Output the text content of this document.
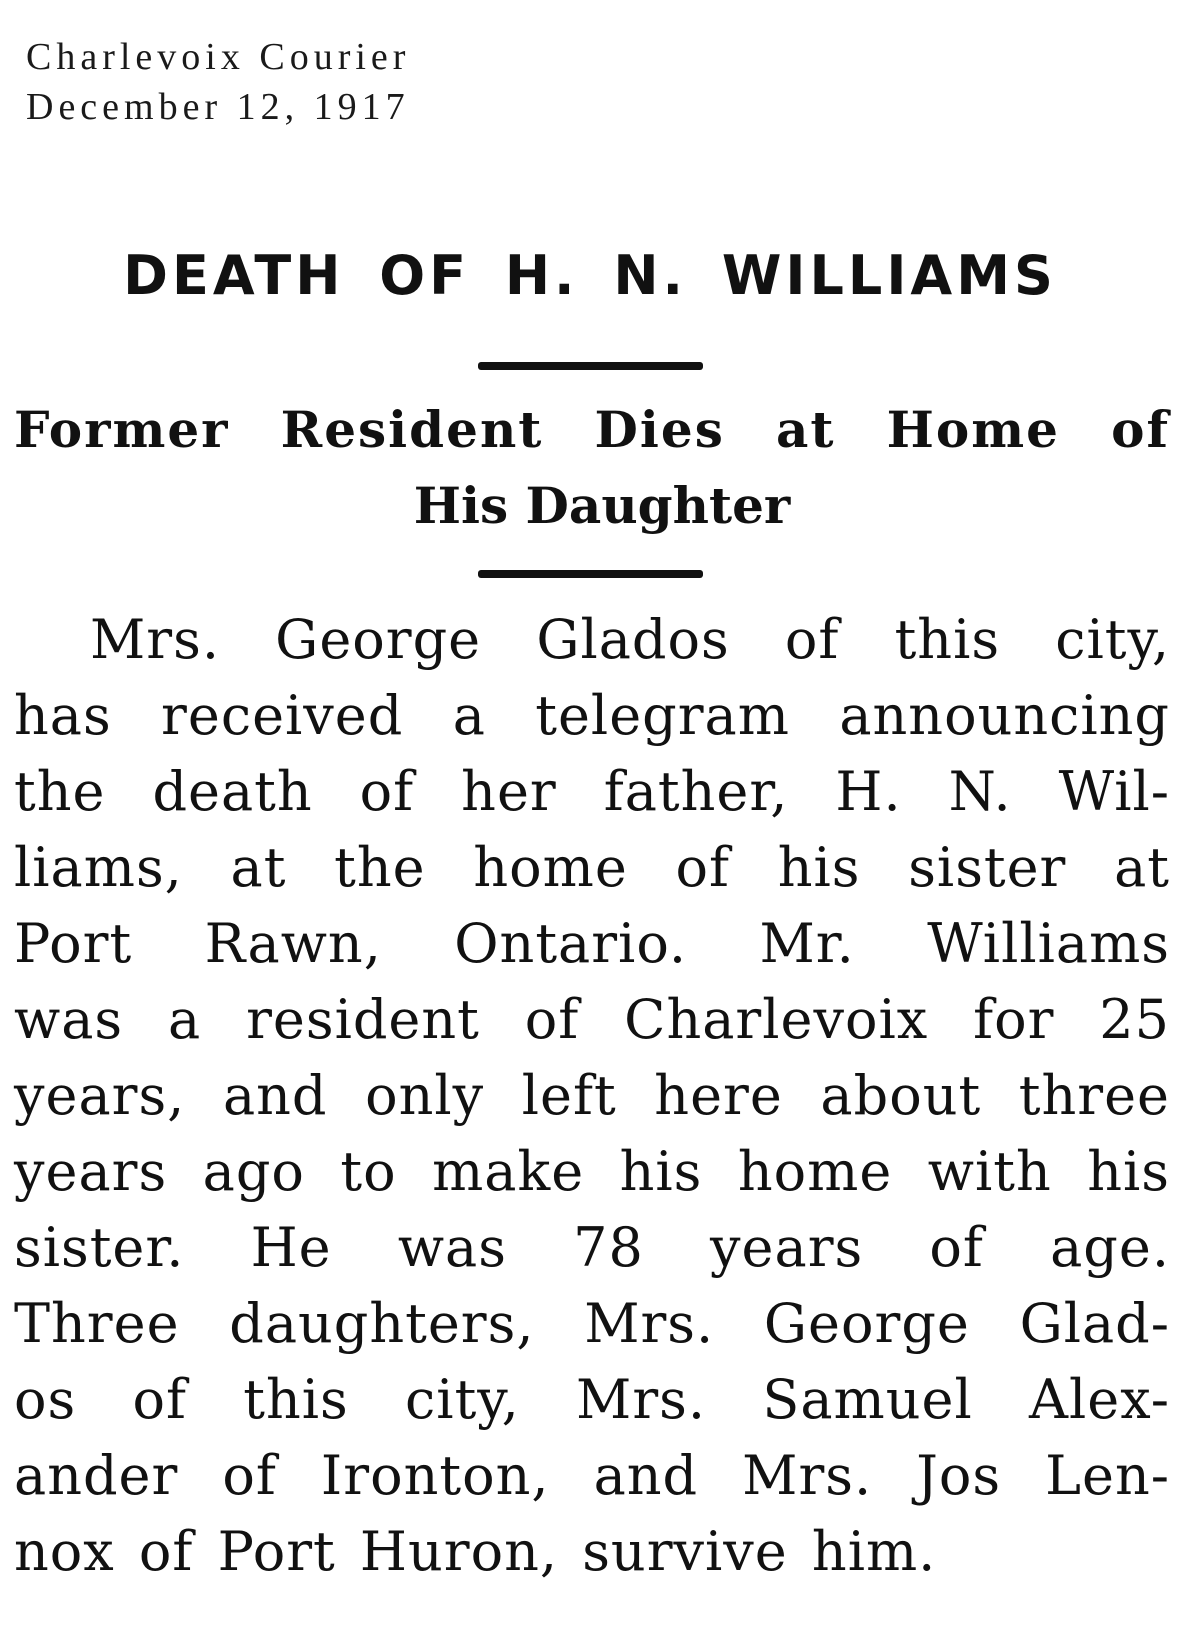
Charlevoix Courier
December 12, 1917
DEATH OF H. N. WILLIAMS
Former Resident Dies at Home of
His Daughter
Mrs. George Glados of this city,
has received a telegram announcing
the death of her father, H. N. Wil-
liams, at the home of his sister at
Port Rawn, Ontario. Mr. Williams
was a resident of Charlevoix for 25
years, and only left here about three
years ago to make his home with his
sister. He was 78 years of age.
Three daughters, Mrs. George Glad-
os of this city, Mrs. Samuel Alex-
ander of Ironton, and Mrs. Jos Len-
nox of Port Huron, survive him.
